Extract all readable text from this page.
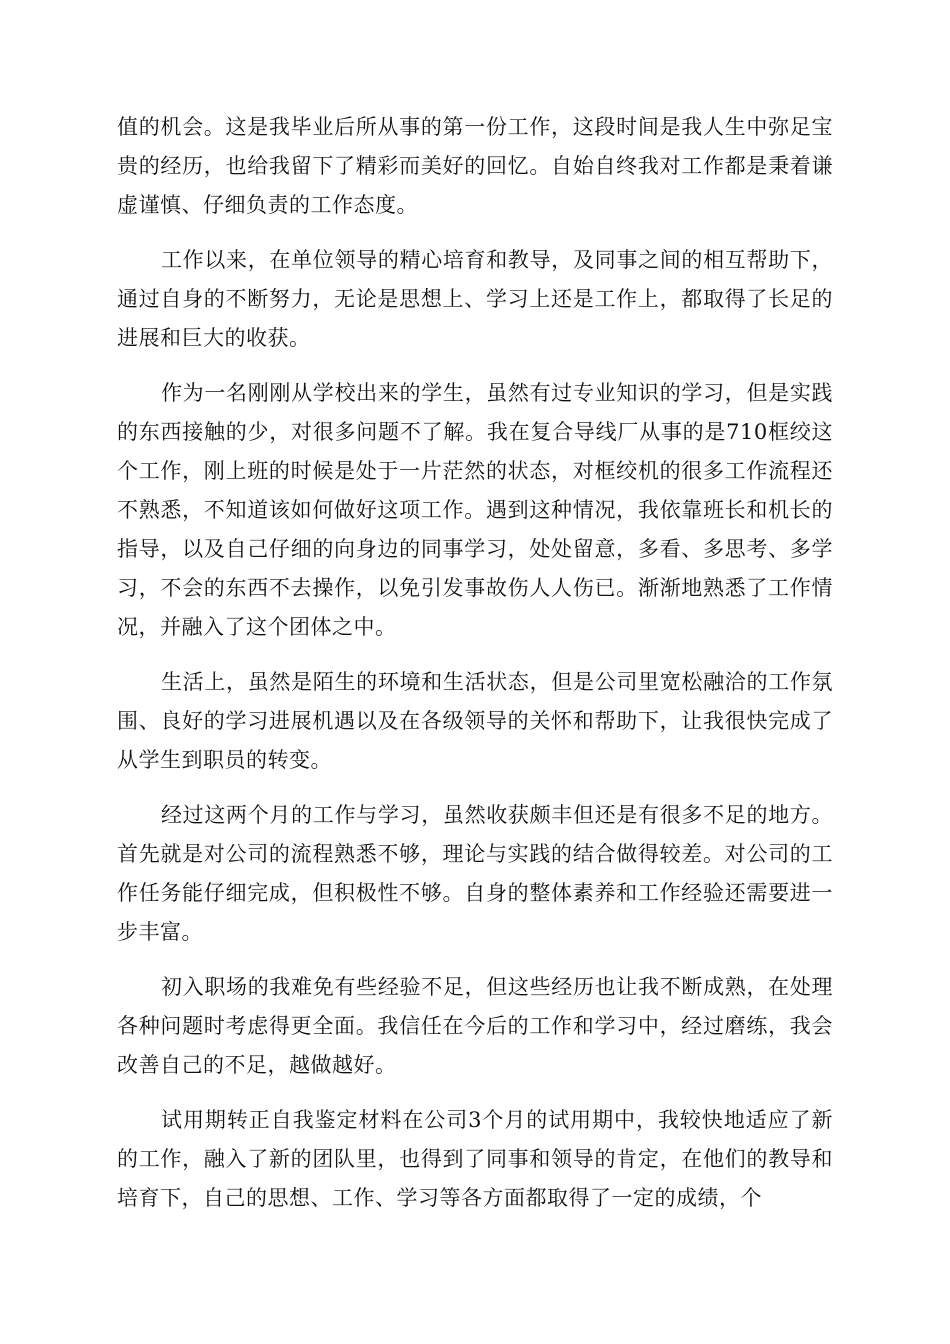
值的机会。这是我毕业后所从事的第一份工作，这段时间是我人生中弥足宝贵的经历，也给我留下了精彩而美好的回忆。自始自终我对工作都是秉着谦虚谨慎、仔细负责的工作态度。

工作以来，在单位领导的精心培育和教导，及同事之间的相互帮助下，通过自身的不断努力，无论是思想上、学习上还是工作上，都取得了长足的进展和巨大的收获。

作为一名刚刚从学校出来的学生，虽然有过专业知识的学习，但是实践的东西接触的少，对很多问题不了解。我在复合导线厂从事的是710框绞这个工作，刚上班的时候是处于一片茫然的状态，对框绞机的很多工作流程还不熟悉，不知道该如何做好这项工作。遇到这种情况，我依靠班长和机长的指导，以及自己仔细的向身边的同事学习，处处留意，多看、多思考、多学习，不会的东西不去操作，以免引发事故伤人人伤已。渐渐地熟悉了工作情况，并融入了这个团体之中。

生活上，虽然是陌生的环境和生活状态，但是公司里宽松融洽的工作氛围、良好的学习进展机遇以及在各级领导的关怀和帮助下，让我很快完成了从学生到职员的转变。

经过这两个月的工作与学习，虽然收获颇丰但还是有很多不足的地方。首先就是对公司的流程熟悉不够，理论与实践的结合做得较差。对公司的工作任务能仔细完成，但积极性不够。自身的整体素养和工作经验还需要进一步丰富。

初入职场的我难免有些经验不足，但这些经历也让我不断成熟，在处理各种问题时考虑得更全面。我信任在今后的工作和学习中，经过磨练，我会改善自己的不足，越做越好。

试用期转正自我鉴定材料在公司3个月的试用期中，我较快地适应了新的工作，融入了新的团队里，也得到了同事和领导的肯定，在他们的教导和培育下，自己的思想、工作、学习等各方面都取得了一定的成绩，个
